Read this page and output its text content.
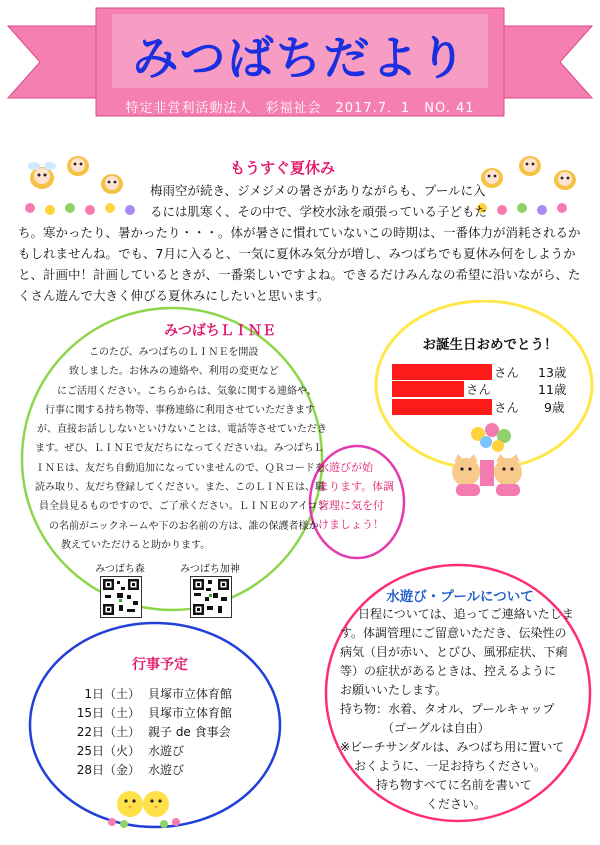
みつばちだより
特定非営利活動法人　彩福祉会　2017.7．1　NO. 41
もうすぐ夏休み
梅雨空が続き、ジメジメの暑さがありながらも、プールに入
るには肌寒く、その中で、学校水泳を頑張っている子どもた
ち。寒かったり、暑かったり・・・。体が暑さに慣れていないこの時期は、一番体力が消耗されるか
もしれませんね。でも、7月に入ると、一気に夏休み気分が増し、みつばちでも夏休み何をしようか
と、計画中！計画しているときが、一番楽しいですよね。できるだけみんなの希望に沿いながら、た
くさん遊んで大きく伸びる夏休みにしたいと思います。
みつばちＬＩＮＥ
このたび、みつばちのＬＩＮＥを開設
致しました。お休みの連絡や、利用の変更など
にご活用ください。こちらからは、気象に関する連絡や、
行事に関する持ち物等、事務連絡に利用させていただきます
が、直接お話ししないといけないことは、電話等させていただき
ます。ぜひ、ＬＩＮＥで友だちになってくださいね。みつばちＬ
ＩＮＥは、友だち自動追加になっていませんので、ＱＲコードを
読み取り、友だち登録してください。また、このＬＩＮＥは、職
員全員見るものですので、ご了承ください。ＬＩＮＥのアイコン
の名前がニックネームや下のお名前の方は、誰の保護者様か
教えていただけると助かります。
みつばち森	みつばち加神
お誕生日おめでとう！
さん 13歳
さん	11歳
さん 9歳
水遊びが始
まります。体調
管理に気を付
けましょう！
水遊び・プールについて
日程については、追ってご連絡いたしま
す。体調管理にご留意いただき、伝染性の
病気（目が赤い、とびひ、風邪症状、下痢
等）の症状があるときは、控えるように
お願いいたします。
持ち物：水着、タオル、プールキャップ
（ゴーグルは自由）
※ビーチサンダルは、みつばち用に置いて
おくように、一足お持ちください。
持ち物すべてに名前を書いて
ください。
行事予定
1日（土） 貝塚市立体育館
15日（土） 貝塚市立体育館
22日（土） 親子 de 食事会
25日（火） 水遊び
28日（金） 水遊び
